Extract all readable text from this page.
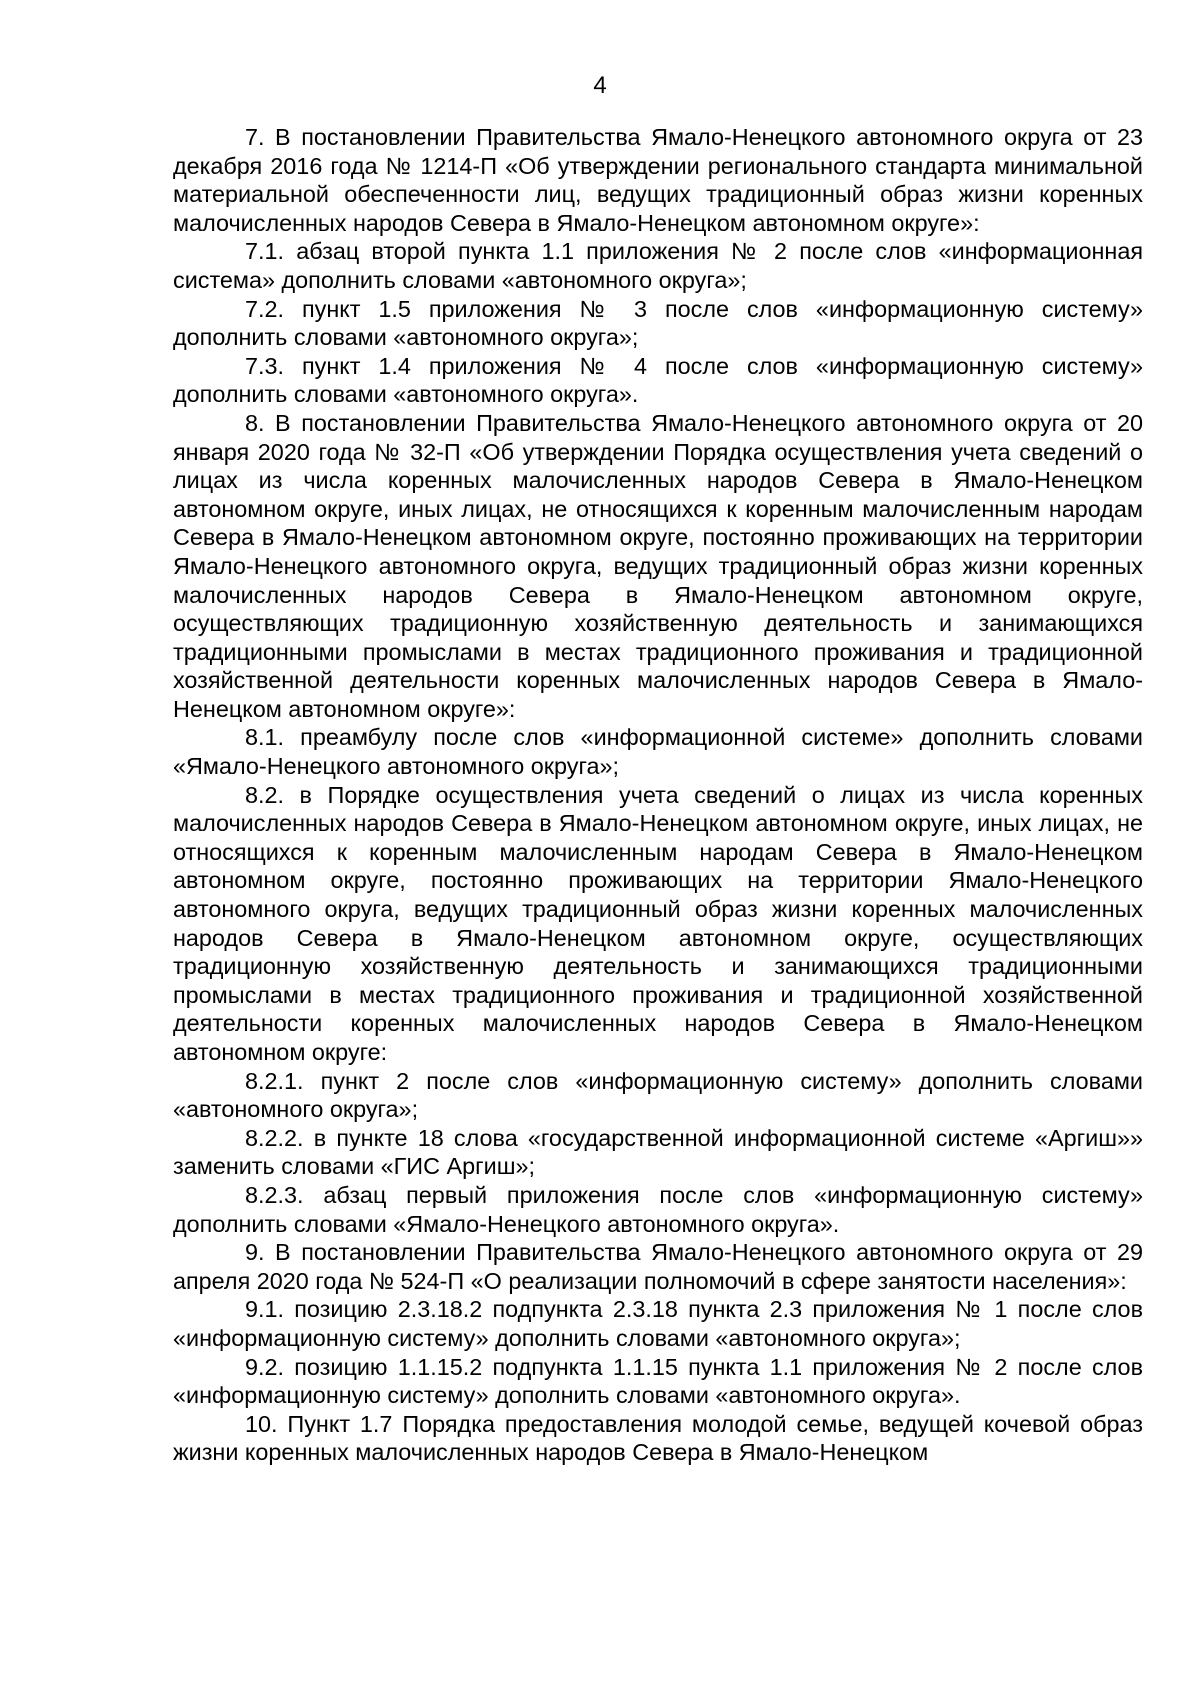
4

7. В постановлении Правительства Ямало-Ненецкого автономного округа от 23 декабря 2016 года № 1214-П «Об утверждении регионального стандарта минимальной материальной обеспеченности лиц, ведущих традиционный образ жизни коренных малочисленных народов Севера в Ямало-Ненецком автономном округе»:

7.1. абзац второй пункта 1.1 приложения № 2 после слов «информационная система» дополнить словами «автономного округа»;

7.2. пункт 1.5 приложения № 3 после слов «информационную систему» дополнить словами «автономного округа»;

7.3. пункт 1.4 приложения № 4 после слов «информационную систему» дополнить словами «автономного округа».

8. В постановлении Правительства Ямало-Ненецкого автономного округа от 20 января 2020 года № 32-П «Об утверждении Порядка осуществления учета сведений о лицах из числа коренных малочисленных народов Севера в Ямало-Ненецком автономном округе, иных лицах, не относящихся к коренным малочисленным народам Севера в Ямало-Ненецком автономном округе, постоянно проживающих на территории Ямало-Ненецкого автономного округа, ведущих традиционный образ жизни коренных малочисленных народов Севера в Ямало-Ненецком автономном округе, осуществляющих традиционную хозяйственную деятельность и занимающихся традиционными промыслами в местах традиционного проживания и традиционной хозяйственной деятельности коренных малочисленных народов Севера в Ямало-Ненецком автономном округе»:

8.1. преамбулу после слов «информационной системе» дополнить словами «Ямало-Ненецкого автономного округа»;

8.2. в Порядке осуществления учета сведений о лицах из числа коренных малочисленных народов Севера в Ямало-Ненецком автономном округе, иных лицах, не относящихся к коренным малочисленным народам Севера в Ямало-Ненецком автономном округе, постоянно проживающих на территории Ямало-Ненецкого автономного округа, ведущих традиционный образ жизни коренных малочисленных народов Севера в Ямало-Ненецком автономном округе, осуществляющих традиционную хозяйственную деятельность и занимающихся традиционными промыслами в местах традиционного проживания и традиционной хозяйственной деятельности коренных малочисленных народов Севера в Ямало-Ненецком автономном округе:

8.2.1. пункт 2 после слов «информационную систему» дополнить словами «автономного округа»;

8.2.2. в пункте 18 слова «государственной информационной системе «Аргиш»» заменить словами «ГИС Аргиш»;

8.2.3. абзац первый приложения после слов «информационную систему» дополнить словами «Ямало-Ненецкого автономного округа».

9. В постановлении Правительства Ямало-Ненецкого автономного округа от 29 апреля 2020 года № 524-П «О реализации полномочий в сфере занятости населения»:

9.1. позицию 2.3.18.2 подпункта 2.3.18 пункта 2.3 приложения № 1 после слов «информационную систему» дополнить словами «автономного округа»;

9.2. позицию 1.1.15.2 подпункта 1.1.15 пункта 1.1 приложения № 2 после слов «информационную систему» дополнить словами «автономного округа».

10. Пункт 1.7 Порядка предоставления молодой семье, ведущей кочевой образ жизни коренных малочисленных народов Севера в Ямало-Ненецком
